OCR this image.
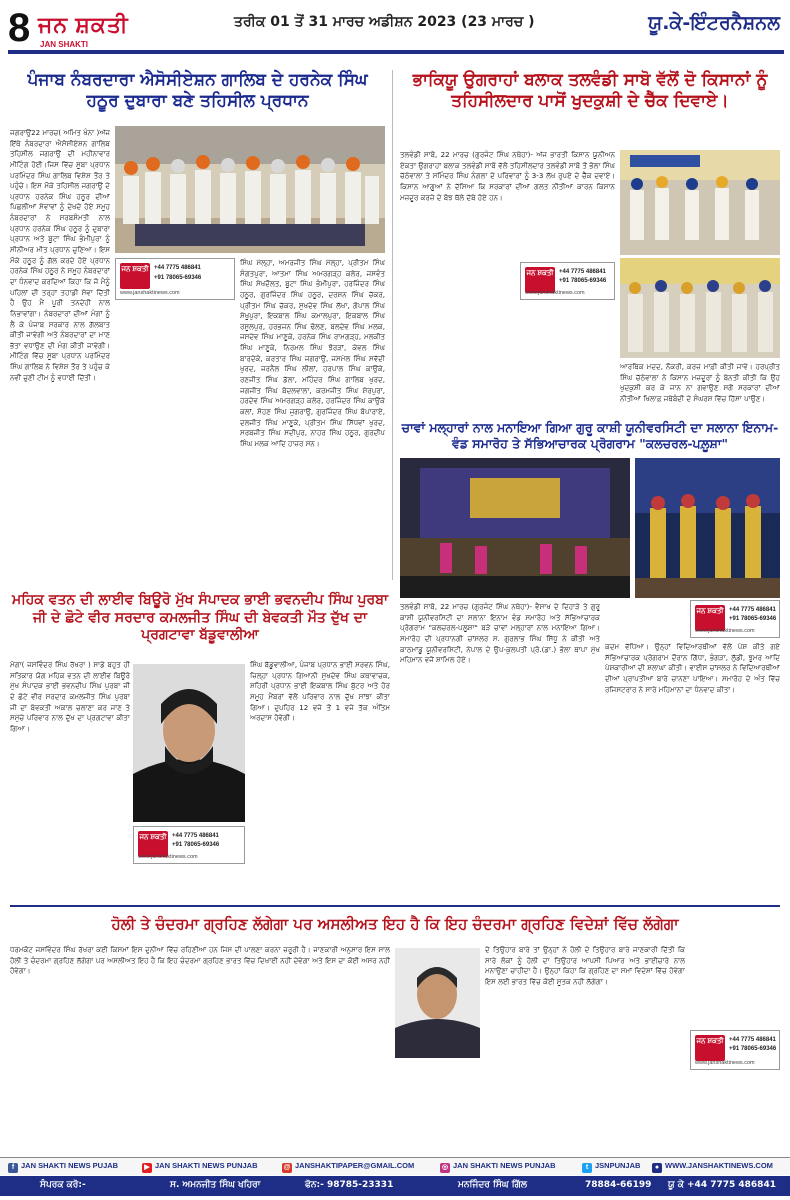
8 ਜਨ ਸ਼ਕਤੀ
JAN SHAKTI
ਤਰੀਕ 01 ਤੋਂ 31 ਮਾਰਚ ਅਡੀਸ਼ਨ 2023 (23 ਮਾਰਚ )	ਯੂ.ਕੇ-ਇੰਟਰਨੈਸ਼ਨਲ
ਪੰਜਾਬ ਨੰਬਰਦਾਰਾ ਐਸੋਸੀਏਸ਼ਨ ਗਾਲਿਬ ਦੇ ਹਰਨੇਕ ਸਿੰਘ ਹਠੂਰ ਦੁਬਾਰਾ ਬਣੇ ਤਹਿਸੀਲ ਪ੍ਰਧਾਨ
ਜਗਰਾਉਂ22 ਮਾਰਚ( ਅਮਿਤ ਖੰਨਾ )ਅੱਜ ਇੱਥੇ ਨੰਬਰਦਾਰਾ ਐਸੋਸੀਏਸ਼ਨ ਗਾਲਿਬ ਤਹਿਸੀਲ ਜਗਰਾਉਂ ਦੀ ਮਹੀਨਾਵਾਰ ਮੀਟਿੰਗ ਹੋਈ।ਜਿਸ ਵਿੱਚ ਸੂਬਾ ਪ੍ਰਧਾਨ ਪਰਮਿੰਦਰ ਸਿੰਘ ਗਾਲਿਬ ਵਿਸ਼ੇਸ਼ ਤੌਰ ਤੇ ਪਹੁੰਚੇ। ਇਸ ਮੌਕੇ ਤਹਿਸੀਲ ਜਗਰਾਉਂ ਦੇ ਪ੍ਰਧਾਨ ਹਰਨੇਕ ਸਿੰਘ ਹਠੂਰ ਦੀਆਂ ਪਿਛਲੀਆਂ ਸੇਵਾਵਾਂ ਨੂੰ ਦੇਖਦੇ ਹੋਏ ਸਮੂਹ ਨੰਬਰਦਾਰਾਂ ਨੇ ਸਰਬਸੰਮਤੀ ਨਾਲ ਪ੍ਰਧਾਨ ਹਰਨੇਕ ਸਿੰਘ ਹਠੂਰ ਨੂੰ ਦੁਬਾਰਾ ਪ੍ਰਧਾਨ ਅਤੇ ਬੂਟਾ ਸਿੰਘ ਭੰਮੀਪੁਰਾ ਨੂੰ ਸੀਨੀਅਰ ਮੀਤ ਪ੍ਰਧਾਨ ਚੁਣਿਆ। ਇਸ ਮੌਕੇ ਹਠੂਰ ਨੂੰ ਗੱਲ ਕਰਦੇ ਹੋਏ ਪ੍ਰਧਾਨ ਹਰਨੇਕ ਸਿੰਘ ਹਠੂਰ ਨੇ ਸਮੂਹ ਨੰਬਰਦਾਰਾਂ ਦਾ ਧੰਨਵਾਦ ਕਰਦਿਆਂ ਕਿਹਾ ਕਿ ਜੋ ਮੈਨੂੰ ਪਹਿਲਾਂ ਦੀ ਤਰ੍ਹਾਂ ਤਹਾਡੀ ਸੇਵਾ ਦਿੱਤੀ ਹੈ ਉਹ ਮੈਂ ਪੂਰੀ ਤਨਦੇਹੀ ਨਾਲ ਨਿਭਾਵਾਂਗਾ। ਨੰਬਰਦਾਰਾਂ ਦੀਆਂ ਮੰਗਾਂ ਨੂੰ ਲੈ ਕੇ ਪੰਜਾਬ ਸਰਕਾਰ ਨਾਲ ਗੱਲਬਾਤ ਕੀਤੀ ਜਾਵੇਗੀ ਅਤੇ ਨੰਬਰਦਾਰਾਂ ਦਾ ਮਾਣ ਭੱਤਾ ਵਧਾਉਣ ਦੀ ਮੰਗ ਕੀਤੀ ਜਾਵੇਗੀ। ਮੀਟਿੰਗ ਵਿੱਚ ਸੂਬਾ ਪ੍ਰਧਾਨ ਪਰਮਿੰਦਰ ਸਿੰਘ ਗਾਲਿਬ ਨੇ ਵਿਸ਼ੇਸ਼ ਤੌਰ ਤੇ ਪਹੁੰਚ ਕੇ ਨਵੀਂ ਚੁਣੀ ਟੀਮ ਨੂੰ ਵਧਾਈ ਦਿੱਤੀ।
ਜਨ ਸ਼ਕਤੀ +44 7775 486841
+91 78065-69346
www.janshaktinews.com
ਸਿੰਘ ਮੱਲ੍ਹਾ, ਅਮਰਜੀਤ ਸਿੰਘ ਮੱਲ੍ਹਾ, ਪ੍ਰੀਤਮ ਸਿੰਘ ਸੰਗਤਪੁਰਾ, ਆਤਮਾ ਸਿੰਘ ਅਮਰਗੜ੍ਹ ਕਲੇਰ, ਜਸਵੰਤ ਸਿੰਘ ਸੇਖਦੌਲਤ, ਬੂਟਾ ਸਿੰਘ ਭੰਮੀਪੁਰਾ, ਹਰਜਿੰਦਰ ਸਿੰਘ ਹਠੂਰ, ਗੁਰਜਿੰਦਰ ਸਿੰਘ ਹਠੂਰ, ਦਰਸ਼ਨ ਸਿੰਘ ਚੱਕਰ, ਪ੍ਰੀਤਮ ਸਿੰਘ ਚੱਕਰ, ਸੁਖਦੇਵ ਸਿੰਘ ਲੱਖਾ, ਗੋਪਾਲ ਸਿੰਘ ਸ਼ੇਖੂਪੁਰਾ, ਇਕਬਾਲ ਸਿੰਘ ਕਮਾਲਪੁਰਾ, ਇਕਬਾਲ ਸਿੰਘ ਰਸੂਲਪੁਰ, ਹਰਭਜਨ ਸਿੰਘ ਢੋਲਣ, ਬਲਦੇਵ ਸਿੰਘ ਮਲਕ, ਜਸਦੇਵ ਸਿੰਘ ਮਾਣੂਕੇ, ਹਰਨੇਕ ਸਿੰਘ ਰਾਮਗੜ੍ਹ, ਮਲਕੀਤ ਸਿੰਘ ਮਾਣੂਕੇ, ਨਿਰਮਲ ਸਿੰਘ ਝੋਰੜਾਂ, ਕੇਵਲ ਸਿੰਘ ਬਾਰਦੇਕੇ, ਕਰਤਾਰ ਸਿੰਘ ਜਗਰਾਉਂ, ਜਸਮੇਲ ਸਿੰਘ ਸਵੱਦੀ ਖੁਰਦ, ਜਰਨੈਲ ਸਿੰਘ ਲੀਲਾਂ, ਹਰਪਾਲ ਸਿੰਘ ਕਾਉਂਕੇ, ਰਣਜੀਤ ਸਿੰਘ ਡੱਲਾ, ਮਹਿੰਦਰ ਸਿੰਘ ਗਾਲਿਬ ਖੁਰਦ, ਜਗਜੀਤ ਸਿੰਘ ਬੋਦਲਵਾਲਾ, ਕਰਮਜੀਤ ਸਿੰਘ ਸ਼ੇਰਪੁਰਾ, ਹਰਦੇਵ ਸਿੰਘ ਅਮਰਗੜ੍ਹ ਕਲੇਰ, ਹਰਜਿੰਦਰ ਸਿੰਘ ਕਾਉਂਕੇ ਕਲਾਂ, ਸੋਹਣ ਸਿੰਘ ਜੁਗਰਾਉਂ, ਗੁਰਜਿੰਦਰ ਸਿੰਘ ਬੋਪਾਰਾਏ, ਦਲਜੀਤ ਸਿੰਘ ਮਾਣੂਕੇ, ਪ੍ਰੀਤਮ ਸਿੰਘ ਸਿੱਧਵਾਂ ਖੁਰਦ, ਸਰਬਜੀਤ ਸਿੰਘ ਸਦੀਪੁਰ, ਨਾਹਰ ਸਿੰਘ ਹਠੂਰ, ਗੁਰਦੀਪ ਸਿੰਘ ਮਲਕ ਆਦਿ ਹਾਜ਼ਰ ਸਨ।
ਭਾਕਿਯੂ ਉਗਰਾਹਾਂ ਬਲਾਕ ਤਲਵੰਡੀ ਸਾਬੋ ਵੱਲੋਂ ਦੋ ਕਿਸਾਨਾਂ ਨੂੰ ਤਹਿਸੀਲਦਾਰ ਪਾਸੋਂ ਖੁਦਕੁਸ਼ੀ ਦੇ ਚੈੱਕ ਦਿਵਾਏ।
ਤਲਵੰਡੀ ਸਾਬੋ, 22 ਮਾਰਚ (ਗੁਰਜੰਟ ਸਿੰਘ ਨਥੇਹਾ)- ਅੱਜ ਭਾਰਤੀ ਕਿਸਾਨ ਯੂਨੀਅਨ ਏਕਤਾ ਉਗਰਾਹਾਂ ਬਲਾਕ ਤਲਵੰਡੀ ਸਾਬੋ ਵੱਲੋਂ ਤਹਿਸੀਲਦਾਰ ਤਲਵੰਡੀ ਸਾਬੋ ਤੋਂ ਭੋਲਾ ਸਿੰਘ ਚੱਠੇਵਾਲਾ ਤੇ ਸਮਿੰਦਰ ਸਿੰਘ ਨੰਗਲਾ ਦੇ ਪਰਿਵਾਰਾਂ ਨੂੰ 3-3 ਲੱਖ ਰੁਪਏ ਦੇ ਚੈੱਕ ਦਵਾਏ। ਕਿਸਾਨ ਆਗੂਆਂ ਨੇ ਦੱਸਿਆ ਕਿ ਸਰਕਾਰਾਂ ਦੀਆਂ ਗਲਤ ਨੀਤੀਆਂ ਕਾਰਨ ਕਿਸਾਨ ਮਜ਼ਦੂਰ ਕਰਜ਼ੇ ਦੇ ਬੋਝ ਥੱਲੇ ਦੱਬੇ ਹੋਏ ਹਨ।
ਜਨ ਸ਼ਕਤੀ +44 7775 486841
+91 78065-69346
www.janshaktinews.com
ਆਰਥਿਕ ਮਦਦ, ਨੌਕਰੀ, ਕਰਜ਼ ਮਾਫ਼ੀ ਕੀਤੀ ਜਾਵੇ। ਹਰਪ੍ਰੀਤ ਸਿੰਘ ਚੱਠੇਵਾਲਾ ਨੇ ਕਿਸਾਨ ਮਜ਼ਦੂਰਾਂ ਨੂੰ ਬੇਨਤੀ ਕੀਤੀ ਕਿ ਉਹ ਖੁਦਕੁਸ਼ੀ ਕਰ ਕੇ ਜਾਨ ਨਾ ਗਵਾਉਣ ਸਗੋਂ ਸਰਕਾਰਾਂ ਦੀਆਂ ਨੀਤੀਆਂ ਖਿਲਾਫ਼ ਜਥੇਬੰਦੀ ਦੇ ਸੰਘਰਸ਼ ਵਿੱਚ ਹਿੱਸਾ ਪਾਉਣ।
ਚਾਵਾਂ ਮਲ੍ਹਾਰਾਂ ਨਾਲ ਮਨਾਇਆ ਗਿਆ ਗੁਰੂ ਕਾਸ਼ੀ ਯੂਨੀਵਰਸਿਟੀ ਦਾ ਸਲਾਨਾ ਇਨਾਮ-ਵੰਡ ਸਮਾਰੋਹ ਤੇ ਸੱਭਿਆਚਾਰਕ ਪ੍ਰੋਗਰਾਮ "ਕਲਚਰਲ-ਪਲ਼ੂਸ਼ਾ"
ਜਨ ਸ਼ਕਤੀ +44 7775 486841
+91 78065-69346
www.janshaktinews.com
ਤਲਵੰਡੀ ਸਾਬੋ, 22 ਮਾਰਚ (ਗੁਰਜੰਟ ਸਿੰਘ ਨਥੇਹਾ)- ਵੈਸਾਖ ਦੇ ਦਿਹਾੜੇ ਤੇ ਗੁਰੂ ਕਾਸ਼ੀ ਯੂਨੀਵਰਸਿਟੀ ਦਾ ਸਲਾਨਾ ਇਨਾਮ ਵੰਡ ਸਮਾਰੋਹ ਅਤੇ ਸੱਭਿਆਚਾਰਕ ਪ੍ਰੋਗਰਾਮ "ਕਲਚਰਲ-ਪਲ਼ੂਸ਼ਾ" ਬੜੇ ਚਾਵਾਂ ਮਲ੍ਹਾਰਾਂ ਨਾਲ ਮਨਾਇਆ ਗਿਆ। ਸਮਾਰੋਹ ਦੀ ਪ੍ਰਧਾਨਗੀ ਚਾਂਸਲਰ ਸ. ਗੁਰਲਾਭ ਸਿੰਘ ਸਿੱਧੂ ਨੇ ਕੀਤੀ ਅਤੇ ਕਾਠਮਾਂਡੂ ਯੂਨੀਵਰਸਿਟੀ, ਨੇਪਾਲ ਦੇ ਉਪ-ਕੁਲਪਤੀ ਪ੍ਰੋ.(ਡਾ.) ਭੋਲਾ ਥਾਪਾ ਮੁੱਖ ਮਹਿਮਾਨ ਵਜੋਂ ਸ਼ਾਮਿਲ ਹੋਏ।
ਕਦਮ ਵੱਧਿਆ। ਉਨ੍ਹਾਂ ਵਿਦਿਆਰਥੀਆਂ ਵੱਲੋਂ ਪੇਸ਼ ਕੀਤੇ ਗਏ ਸੱਭਿਆਚਾਰਕ ਪ੍ਰੋਗਰਾਮ ਦੌਰਾਨ ਗਿੱਧਾ, ਭੰਗੜਾ, ਲੁੱਡੀ, ਝੂਮਰ ਆਦਿ ਪੇਸ਼ਕਾਰੀਆਂ ਦੀ ਸ਼ਲਾਘਾ ਕੀਤੀ। ਵਾਈਸ ਚਾਂਸਲਰ ਨੇ ਵਿਦਿਆਰਥੀਆਂ ਦੀਆਂ ਪ੍ਰਾਪਤੀਆਂ ਬਾਰੇ ਚਾਨਣਾ ਪਾਇਆ। ਸਮਾਰੋਹ ਦੇ ਅੰਤ ਵਿੱਚ ਰਜਿਸਟਰਾਰ ਨੇ ਸਾਰੇ ਮਹਿਮਾਨਾਂ ਦਾ ਧੰਨਵਾਦ ਕੀਤਾ।
ਮਹਿਕ ਵਤਨ ਦੀ ਲਾਈਵ ਬਿਊਰੋ ਮੁੱਖ ਸੰਪਾਦਕ ਭਾਈ ਭਵਨਦੀਪ ਸਿੰਘ ਪੁਰਬਾ ਜੀ ਦੇ ਛੋਟੇ ਵੀਰ ਸਰਦਾਰ ਕਮਲਜੀਤ ਸਿੰਘ ਦੀ ਬੇਵਕਤੀ ਮੌਤ ਦੁੱਖ ਦਾ ਪ੍ਰਗਟਾਵਾ ਬੱਡੂਵਾਲੀਆ
ਮੋਗਾ( ਜਸਵਿੰਦਰ ਸਿੰਘ ਰੱਖਰਾ ) ਸਾਡੇ ਬਹੁਤ ਹੀ ਸਤਿਕਾਰ ਯੋਗ ਮਹਿਕ ਵਤਨ ਦੀ ਲਾਈਵ ਬਿਊਰੋ ਮੁੱਖ ਸੰਪਾਦਕ ਭਾਈ ਭਵਨਦੀਪ ਸਿੰਘ ਪੁਰਬਾ ਜੀ ਦੇ ਛੋਟੇ ਵੀਰ ਸਰਦਾਰ ਕਮਲਜੀਤ ਸਿੰਘ ਪੁਰਬਾ ਜੀ ਦਾ ਬੇਵਕਤੀ ਅਕਾਲ ਚਲਾਣਾ ਕਰ ਜਾਣ ਤੇ ਸਮੁੱਚੇ ਪਰਿਵਾਰ ਨਾਲ ਦੁੱਖ ਦਾ ਪ੍ਰਗਟਾਵਾ ਕੀਤਾ ਗਿਆ।
ਜਨ ਸ਼ਕਤੀ +44 7775 486841
+91 78065-69346
www.janshaktinews.com
ਸਿੰਘ ਬੱਡੂਵਾਲੀਆ, ਪੰਜਾਬ ਪ੍ਰਧਾਨ ਭਾਈ ਸਰਵਨ ਸਿੰਘ, ਜ਼ਿਲ੍ਹਾ ਪ੍ਰਧਾਨ ਗਿਆਨੀ ਸੁਖਦੇਵ ਸਿੰਘ ਕਥਾਵਾਚਕ, ਸ਼ਹਿਰੀ ਪ੍ਰਧਾਨ ਭਾਈ ਇਕਬਾਲ ਸਿੰਘ ਬੁੱਟਰ ਅਤੇ ਹੋਰ ਸਮੂਹ ਮੈਂਬਰਾਂ ਵੱਲੋਂ ਪਰਿਵਾਰ ਨਾਲ ਦੁੱਖ ਸਾਂਝਾ ਕੀਤਾ ਗਿਆ। ਦੁਪਹਿਰ 12 ਵਜੇ ਤੋਂ 1 ਵਜੇ ਤੱਕ ਅੰਤਿਮ ਅਰਦਾਸ ਹੋਵੇਗੀ।
ਹੋਲੀ ਤੇ ਚੰਦਰਮਾ ਗ੍ਰਹਿਣ ਲੱਗੇਗਾ ਪਰ ਅਸਲੀਅਤ ਇਹ ਹੈ ਕਿ ਇਹ ਚੰਦਰਮਾ ਗ੍ਰਹਿਣ ਵਿਦੇਸ਼ਾਂ ਵਿੱਚ ਲੱਗੇਗਾ
ਧਰਮਕੋਟ ਜਸਵਿੰਦਰ ਸਿੰਘ ਰੱਖਰਾ ਕਈ ਕਿਸਮਾਂ ਇਸ ਦੁਨੀਆ ਵਿੱਚ ਰਹਿਣੀਆਂ ਹਨ ਜਿਸ ਦੀ ਪਾਲਣਾ ਕਰਨਾ ਜ਼ਰੂਰੀ ਹੈ। ਜਾਣਕਾਰੀ ਅਨੁਸਾਰ ਇਸ ਸਾਲ ਹੋਲੀ ਤੇ ਚੰਦਰਮਾ ਗ੍ਰਹਿਣ ਲੱਗੇਗਾ ਪਰ ਅਸਲੀਅਤ ਇਹ ਹੈ ਕਿ ਇਹ ਚੰਦਰਮਾ ਗ੍ਰਹਿਣ ਭਾਰਤ ਵਿੱਚ ਦਿਖਾਈ ਨਹੀਂ ਦੇਵੇਗਾ ਅਤੇ ਇਸ ਦਾ ਕੋਈ ਅਸਰ ਨਹੀਂ ਹੋਵੇਗਾ।
ਜਨ ਸ਼ਕਤੀ +44 7775 486841
+91 78065-69346
www.janshaktinews.com
ਦੇ ਤਿਉਹਾਰ ਬਾਰੇ ਤਾਂ ਉਨ੍ਹਾਂ ਨੇ ਹੋਲੀ ਦੇ ਤਿਉਹਾਰ ਬਾਰੇ ਜਾਣਕਾਰੀ ਦਿੱਤੀ ਕਿ ਸਾਰੇ ਲੋਕਾਂ ਨੂੰ ਹੋਲੀ ਦਾ ਤਿਉਹਾਰ ਆਪਸੀ ਪਿਆਰ ਅਤੇ ਭਾਈਚਾਰੇ ਨਾਲ ਮਨਾਉਣਾ ਚਾਹੀਦਾ ਹੈ। ਉਨ੍ਹਾਂ ਕਿਹਾ ਕਿ ਗ੍ਰਹਿਣ ਦਾ ਸਮਾਂ ਵਿਦੇਸ਼ਾਂ ਵਿੱਚ ਹੋਵੇਗਾ ਇਸ ਲਈ ਭਾਰਤ ਵਿੱਚ ਕੋਈ ਸੂਤਕ ਨਹੀਂ ਲੱਗੇਗਾ।
f JAN SHAKTI NEWS PUJAB	▶ JAN SHAKTI NEWS PUNJAB	@ JANSHAKTIPAPER@GMAIL.COM	◎ JAN SHAKTI NEWS PUNJAB	t JSNPUNJAB	● WWW.JANSHAKTINEWS.COM
ਸੰਪਰਕ ਕਰੋ:-	ਸ. ਅਮਨਜੀਤ ਸਿੰਘ ਖਹਿਰਾ	ਫੋਨ:- 98785-23331	ਮਨਜਿੰਦਰ ਸਿੰਘ ਗਿੱਲ	78884-66199 ਯੂ ਕੇ +44 7775 486841
